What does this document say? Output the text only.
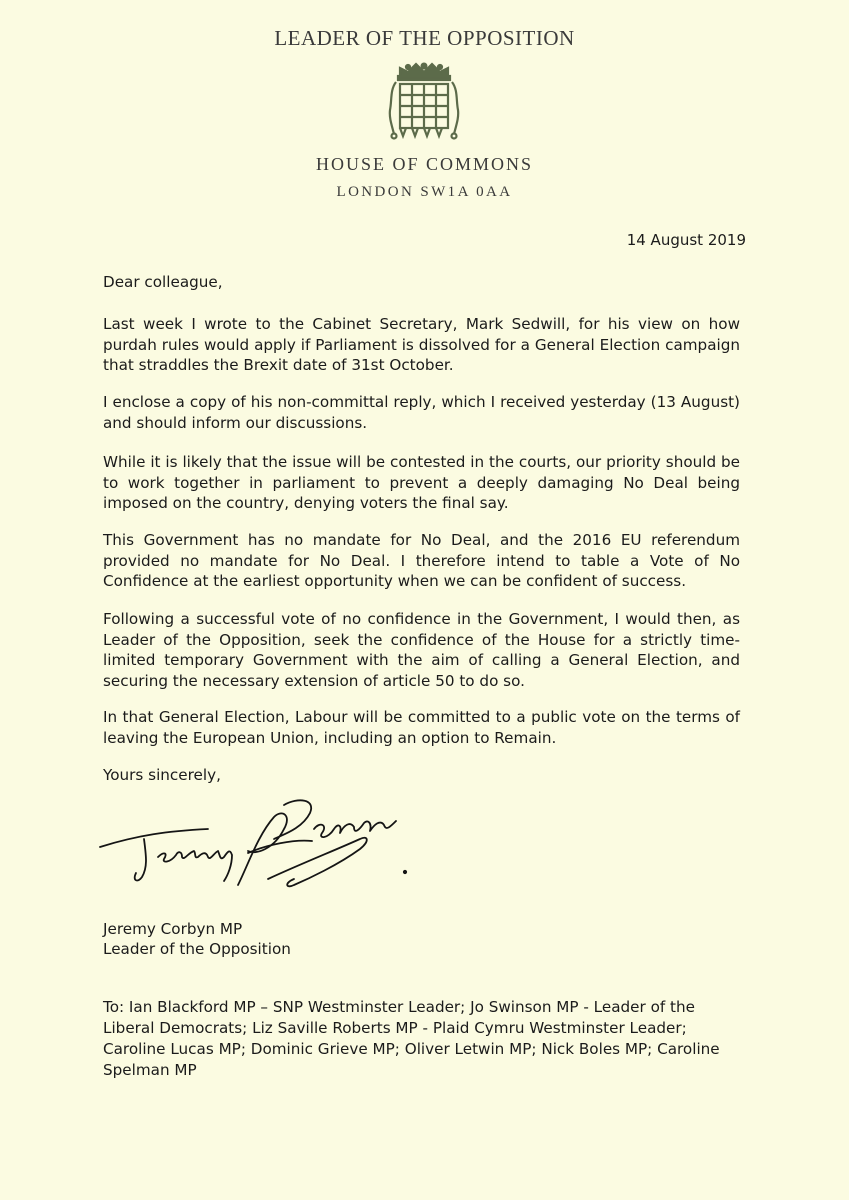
LEADER OF THE OPPOSITION
HOUSE OF COMMONS
LONDON SW1A 0AA
14 August 2019
Dear colleague,
Last week I wrote to the Cabinet Secretary, Mark Sedwill, for his view on how purdah rules would apply if Parliament is dissolved for a General Election campaign that straddles the Brexit date of 31st October.
I enclose a copy of his non-committal reply, which I received yesterday (13 August) and should inform our discussions.
While it is likely that the issue will be contested in the courts, our priority should be to work together in parliament to prevent a deeply damaging No Deal being imposed on the country, denying voters the final say.
This Government has no mandate for No Deal, and the 2016 EU referendum provided no mandate for No Deal. I therefore intend to table a Vote of No Confidence at the earliest opportunity when we can be confident of success.
Following a successful vote of no confidence in the Government, I would then, as Leader of the Opposition, seek the confidence of the House for a strictly time-limited temporary Government with the aim of calling a General Election, and securing the necessary extension of article 50 to do so.
In that General Election, Labour will be committed to a public vote on the terms of leaving the European Union, including an option to Remain.
Yours sincerely,
Jeremy Corbyn MP
Leader of the Opposition
To: Ian Blackford MP – SNP Westminster Leader; Jo Swinson MP - Leader of the Liberal Democrats; Liz Saville Roberts MP - Plaid Cymru Westminster Leader; Caroline Lucas MP; Dominic Grieve MP; Oliver Letwin MP; Nick Boles MP; Caroline Spelman MP
